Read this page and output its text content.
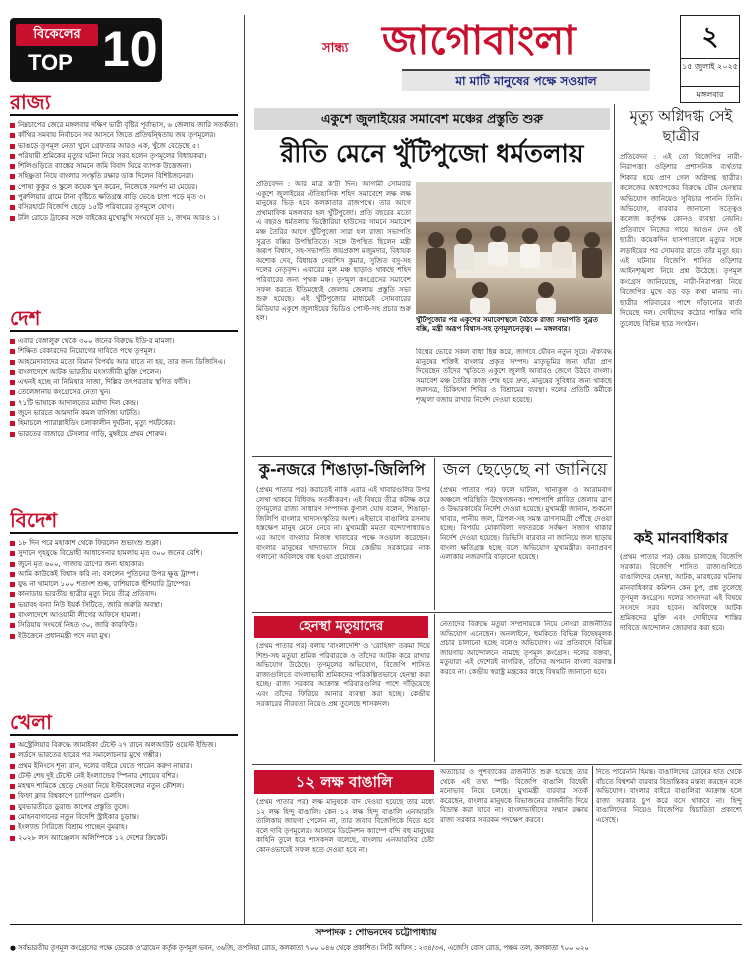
বিকেলের
TOP 10
রাজ্য
নিম্নচাপের জেরে মঙ্গলবার দক্ষিণ ভারী বৃষ্টির পূর্বাভাস, ৬ জেলায় জারি সতর্কতা।
কাঁথির সমবায় নির্বাচনে সব আসনে জিতে প্রতিদ্বন্দ্বিতায় জয় তৃণমূলের।
ভাঙড়ে তৃণমূল নেতা খুনে গ্রেফতার আরও এক, খুঁজে বেড়েছে ৫।
পরিযায়ী শ্রমিকের মৃত্যুর ঘটনা নিয়ে সরব হলেন তৃণমূলের বিধায়করা।
শিলিগুড়িতে ব্যাঙ্কের সামনে জমি বিবাদ ঘিরে ব্যাপক উত্তেজনা।
সহিষ্ণুতা নিয়ে বাংলার সংস্কৃতি রক্ষার ডাক দিলেন বিশিষ্টজনেরা।
পোষা কুকুর ও স্কুলে কয়েক খুন করেন, নিজেকে সমর্পণ মা মেয়ের।
পুরুলিয়ার গ্রামে টানা বৃষ্টিতে ক্ষতিগ্রস্ত বাড়ি ভেঙে চাপা পড়ে মৃত ৩।
বসিরহাটে বিজেপি ছেড়ে ১৫টি পরিবারের তৃণমূলে যোগ।
টলি রোডে ট্রাকের সঙ্গে বাইকের মুখোমুখি সংঘর্ষে মৃত ১, জখম আরও ১।
দেশ
এবার বেঙ্গালুরু থেকে ৩০০ জনের বিরুদ্ধে ইডি-র মামলা।
শিক্ষিত বেকারদের নিয়োগের দাবিতে পথে তৃণমূল।
আহমেদাবাদের মতো বিমান বিপর্যয় আর যাতে না হয়, তার জন্য ডিজিসিএ।
বাংলাদেশে আটক ভারতীয় মৎস্যজীবী মুক্তি পেলেন।
এখনই হচ্ছে না নিমিষার সাজা, দিল্লির তৎপরতায় স্থগিত ফাঁসি।
তেলেঙ্গানায় কংগ্রেসের নেতা খুন।
৭১টি ভাষাকে আদালতের মর্যাদা দিল কেন্দ্র।
জুনে ভারতে আমদানি কমল বাণিজ্য ঘাটতি।
হিমাচলে প্যারাগ্লাইডিং চলাকালীন দুর্ঘটনা, মৃত্যু পর্যটকের।
ভারতের বাজারে টেসলার গাড়ি, মুম্বইয়ে প্রথম শোরুম।
বিদেশ
১৮ দিন পরে মহাকাশ থেকে ফিরলেন শুভাংশু শুক্লা।
সুদানে গৃহযুদ্ধে বিদ্রোহী আধাসেনার হামলায় মৃত ৩০০ জনের বেশি।
জুনে মৃত ৬০০, গাজায় ত্রাণের জন্য হাহাকার।
আমি কাউকেই বিশ্বাস করি না: বললেন পুতিনের উপর ক্ষুব্ধ ট্রাম্প।
যুদ্ধ না থামালে ১০০ শতাংশ শুল্ক, রাশিয়াকে হুঁশিয়ারি ট্রাম্পের।
কানাডায় ভারতীয় ছাত্রীর মৃত্যু নিয়ে তীব্র প্রতিবাদ।
ভয়াবহ বন্যা নিউ ইয়র্ক সিটিতে, জারি জরুরি অবস্থা।
বাংলাদেশে আওয়ামী লীগের অফিসে হামলা।
সিরিয়ায় সংঘর্ষে নিহত ৩০, জারি কারফিউ।
ইউক্রেনে প্রধানমন্ত্রী পদে নয়া মুখ।
খেলা
অস্ট্রেলিয়ার বিরুদ্ধে জামাইকা টেস্টে ২৭ রানে অলআউট ওয়েস্ট ইন্ডিজ।
লর্ডসে ভারতের হারের পর সমালোচনার মুখে গম্ভীর।
প্রথম ইনিংসে শূন্য রান, দলের বাইরে যেতে পারেন করুণ নায়ার।
টেস্ট শেষ দুই টেস্টে নেই ইংল্যান্ডের স্পিনার শোয়েব বশির।
মহম্মদ শামিকে ছেড়ে দেওয়া নিয়ে ইস্টবেঙ্গলের নতুন কৌশল।
ফিফা ক্লাব বিশ্বকাপে চ্যাম্পিয়ন চেলসি।
যুবভারতীতে ডুরান্ড কাপের প্রস্তুতি তুঙ্গে।
মোহনবাগানের নতুন বিদেশি স্ট্রাইকার চূড়ান্ত।
ইংল্যান্ড সিরিজে বিশ্রাম পাচ্ছেন বুমরাহ।
২০২৮ লস অ্যাঞ্জেলস অলিম্পিকে ১২ দেশের ক্রিকেট।
সান্ধ্য জাগোবাংলা
মা মাটি মানুষের পক্ষে সওয়াল
২
১৫ জুলাই ২০২৫
মঙ্গলবার
একুশে জুলাইয়ের সমাবেশ মঞ্চের প্রস্তুতি শুরু
রীতি মেনে খুঁটিপুজো ধর্মতলায়
প্রতিবেদন : আর মাত্র ক'টা দিন। আগামী সোমবার একুশে জুলাইয়ের ঐতিহাসিক শহিদ সমাবেশে লক্ষ লক্ষ মানুষের ভিড় হবে কলকাতার রাজপথে। তার আগে প্রথামাফিক মঙ্গলবার হল খুঁটিপুজো। প্রতি বছরের মতো এ বছরও ধর্মতলায় ভিক্টোরিয়া হাউসের সামনে সমাবেশ মঞ্চ তৈরির আগে খুঁটিপুজো সারা হল রাজ্য সভাপতি সুব্রত বক্সির উপস্থিতিতে। সঙ্গে উপস্থিত ছিলেন মন্ত্রী অরূপ বিশ্বাস, সহ-সভাপতি জয়প্রকাশ মজুমদার, বিধায়ক অশোক দেব, বিধায়ক দেবাশিস কুমার, সুজিত বসু-সহ দলের নেতৃবৃন্দ। এবারের মূল মঞ্চ ছাড়াও থাকছে শহিদ পরিবারের জন্য পৃথক মঞ্চ। তৃণমূল কংগ্রেসের সমাবেশ সফল করতে ইতিমধ্যেই জেলায় জেলায় প্রস্তুতি সভা শুরু হয়েছে। এই খুঁটিপুজোর মাধ্যমেই সোমবারের মিডিয়ার একুশে জুলাইয়ের ভিডিও পোস্ট-সহ প্রচার শুরু হল।	খুঁটিপুজোর পর একুশের সমাবেশস্থলে বৈঠকে রাজ্য সভাপতি সুব্রত বক্সি, মন্ত্রী অরূপ বিশ্বাস-সহ তৃণমূলনেতৃত্ব। — মঙ্গলবার।
বিশ্বের ভোরে সকল বাধা ছিন্ন করে, জাগবে যৌবন নতুন সুরে। ঐক্যবদ্ধ মানুষের শক্তিই বাংলার প্রকৃত সম্পদ। মাতৃভূমির জন্য যাঁরা প্রাণ দিয়েছেন তাঁদের স্মৃতিতে একুশে জুলাই আবারও জেগে উঠবে বাংলা। সমাবেশ মঞ্চ তৈরির কাজ শেষ হবে দ্রুত, মানুষের সুবিধার জন্য থাকছে জলসত্র, চিকিৎসা শিবির ও বিশ্রামের ব্যবস্থা। দলের প্রতিটি কর্মীকে শৃঙ্খলা বজায় রাখার নির্দেশ দেওয়া হয়েছে।
মৃত্যু অগ্নিদগ্ধ সেই ছাত্রীর
প্রতিবেদন : এই তো বিজেপির নারী-নিরাপত্তা! ওড়িশার প্রশাসনিক ব্যর্থতার শিকার হয়ে প্রাণ গেল অগ্নিদগ্ধ ছাত্রীর। কলেজের অধ্যাপকের বিরুদ্ধে যৌন হেনস্থার অভিযোগ জানিয়েও সুবিচার পাননি তিনি। অভিযোগ, বারবার জানানো সত্ত্বেও কলেজ কর্তৃপক্ষ কোনও ব্যবস্থা নেয়নি। প্রতিবাদে নিজের গায়ে আগুন দেন ওই ছাত্রী। কয়েকদিন হাসপাতালে মৃত্যুর সঙ্গে লড়াইয়ের পর সোমবার রাতে তাঁর মৃত্যু হয়। এই ঘটনায় বিজেপি শাসিত ওড়িশার আইনশৃঙ্খলা নিয়ে প্রশ্ন উঠেছে। তৃণমূল কংগ্রেস জানিয়েছে, নারী-নিরাপত্তা নিয়ে বিজেপির মুখে বড় বড় কথা মানায় না। ছাত্রীর পরিবারের পাশে দাঁড়ানোর বার্তা দিয়েছে দল। দোষীদের কঠোর শাস্তির দাবি তুলেছে বিভিন্ন ছাত্র সংগঠন।
কই মানবাধিকার
(প্রথম পাতার পর) কেন্দ্র চালাচ্ছে বিজেপি সরকার। বিজেপি শাসিত রাজ্যগুলিতে বাঙালিদের হেনস্থা, আটক, মারধরের ঘটনায় মানবাধিকার কমিশন কেন চুপ, প্রশ্ন তুলেছে তৃণমূল কংগ্রেস। দলের সাংসদরা এই বিষয়ে সংসদে সরব হবেন। অবিলম্বে আটক শ্রমিকদের মুক্তি এবং দোষীদের শাস্তির দাবিতে আন্দোলন জোরদার করা হবে।
কু-নজরে শিঙাড়া-জিলিপি
(প্রথম পাতার পর) করাতেই নাকি এবার এই খাবারগুলির উপর লেখা থাকবে বিধিবদ্ধ সতর্কীকরণ। এই বিষয়ে তীব্র কটাক্ষ করে তৃণমূলের রাজ্য সাধারণ সম্পাদক কুণাল ঘোষ বলেন, শিঙাড়া-জিলিপি বাংলার খাদ্যসংস্কৃতির অংশ। এইভাবে বাঙালির রসনায় হস্তক্ষেপ মানুষ মেনে নেবে না। মুখ্যমন্ত্রী মমতা বন্দ্যোপাধ্যায়ও এর আগে বাংলার নিজস্ব খাবারের পক্ষে সওয়াল করেছেন। বাংলার মানুষের খাদ্যাভ্যাস নিয়ে কেন্দ্রীয় সরকারের নাক গলানো অবিলম্বে বন্ধ হওয়া প্রয়োজন।
জল ছেড়েছে না জানিয়ে
(প্রথম পাতার পর) ফলে ঘাটাল, খানাকুল ও আরামবাগ অঞ্চলে পরিস্থিতি উদ্বেগজনক। পাশাপাশি প্লাবিত জেলায় ত্রাণ ও উদ্ধারকার্যের নির্দেশ দেওয়া হয়েছে। মুখ্যমন্ত্রী জানান, শুকনো খাবার, পানীয় জল, ত্রিপল-সহ সমস্ত ত্রাণসামগ্রী পৌঁছে দেওয়া হচ্ছে। বিপর্যয় মোকাবিলা দফতরকে সর্বক্ষণ সজাগ থাকার নির্দেশ দেওয়া হয়েছে। ডিভিসি বারবার না জানিয়ে জল ছাড়ায় বাংলা ক্ষতিগ্রস্ত হচ্ছে বলে অভিযোগ মুখ্যমন্ত্রীর। বন্যাপ্রবণ এলাকায় নজরদারি বাড়ানো হয়েছে।
হেনস্থা মতুয়াদের
(প্রথম পাতার পর) বলায় 'বাংলাদেশি' ও 'রোহিঙ্গা' তকমা দিয়ে শিশু-সহ মতুয়া শ্রমিক পরিবারকে ও তাঁদের আটক করে রাখার অভিযোগ উঠেছে। তৃণমূলের অভিযোগ, বিজেপি শাসিত রাজ্যগুলিতে বাংলাভাষী শ্রমিকদের পরিকল্পিতভাবে হেনস্থা করা হচ্ছে। রাজ্য সরকার আক্রান্ত পরিবারগুলির পাশে দাঁড়িয়েছে এবং তাঁদের ফিরিয়ে আনার ব্যবস্থা করা হচ্ছে। কেন্দ্রীয় সরকারের নীরবতা নিয়েও প্রশ্ন তুলেছে শাসকদল।
নেতাদের বিরুদ্ধে মতুয়া সম্প্রদায়কে নিয়ে নোংরা রাজনীতির অভিযোগ এনেছেন। অনলাইনে, হুমকিতে বিভিন্ন বিদ্বেষমূলক প্রচার চালানো হচ্ছে বলেও অভিযোগ। এর প্রতিবাদে বিভিন্ন জায়গায় আন্দোলনে নামছে তৃণমূল কংগ্রেস। দলের বক্তব্য, মতুয়ারা এই দেশেরই নাগরিক, তাঁদের অপমান বাংলা বরদাস্ত করবে না। কেন্দ্রীয় স্বরাষ্ট্র মন্ত্রকের কাছে বিষয়টি জানানো হবে।
১২ লক্ষ বাঙালি
(প্রথম পাতার পর) লক্ষ মানুষকে বাদ দেওয়া হয়েছে তার মধ্যে ১২ লক্ষ হিন্দু বাঙালি। কেন ১২ লক্ষ হিন্দু বাঙালি এনআরসি তালিকায় জায়গা পেলেন না, তার জবাব বিজেপিকে দিতে হবে বলে দাবি তৃণমূলের। আসামে ডিটেনশন ক্যাম্পে বন্দি বহু মানুষের কাহিনি তুলে ধরে শাসকদল বলেছে, বাংলায় এনআরসির চেষ্টা কোনওভাবেই সফল হতে দেওয়া হবে না।
অত্যাচার ও পুশব্যাকের রাজনীতি শুরু হয়েছে তার থেকে এই তথ্য স্পষ্ট। বিজেপি বাঙালি বিদ্বেষী মনোভাব নিয়ে চলছে। মুখ্যমন্ত্রী বারবার সতর্ক করেছেন, বাংলার মানুষকে বিভাজনের রাজনীতি দিয়ে বিভ্রান্ত করা যাবে না। বাংলাভাষীদের সম্মান রক্ষায় রাজ্য সরকার সবরকম পদক্ষেপ করবে।
দিতে পারেননি হিমন্ত। বাঙালিদের রোষের হাত থেকে বাঁচতে বিশ্বশর্মা বারবার বিভ্রান্তিকর মন্তব্য করছেন বলে অভিযোগ। বাংলার বাইরে বাঙালিরা আক্রান্ত হলে রাজ্য সরকার চুপ করে বসে থাকবে না। হিন্দু বাঙালিদের নিয়েও বিজেপির দ্বিচারিতা প্রকাশ্যে এসেছে।
সম্পাদক : শোভনদেব চট্টোপাধ্যায়
● সর্বভারতীয় তৃণমূল কংগ্রেসের পক্ষে ডেরেক ও'ব্রায়েন কর্তৃক তৃণমূল ভবন, ৩৬জি, তপসিয়া রোড, কলকাতা ৭০০ ০৪৬ থেকে প্রকাশিত। সিটি অফিস : ২৩৪/৩এ, এজেসি বোস রোড, পঞ্চম তল, কলকাতা ৭০০ ০২০
